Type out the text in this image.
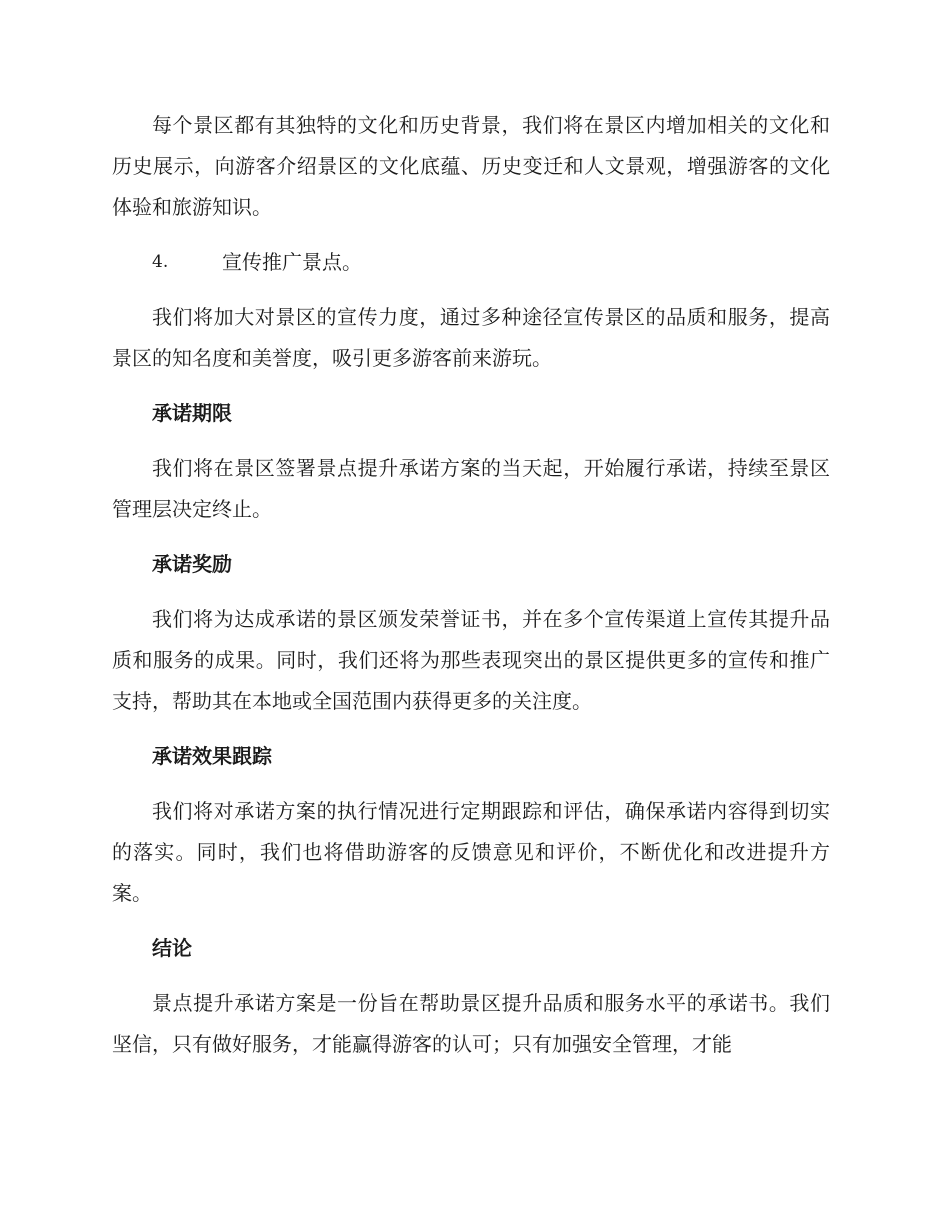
每个景区都有其独特的文化和历史背景，我们将在景区内增加相关的文化和历史展示，向游客介绍景区的文化底蕴、历史变迁和人文景观，增强游客的文化体验和旅游知识。

4.	宣传推广景点。

我们将加大对景区的宣传力度，通过多种途径宣传景区的品质和服务，提高景区的知名度和美誉度，吸引更多游客前来游玩。

承诺期限

我们将在景区签署景点提升承诺方案的当天起，开始履行承诺，持续至景区管理层决定终止。

承诺奖励

我们将为达成承诺的景区颁发荣誉证书，并在多个宣传渠道上宣传其提升品质和服务的成果。同时，我们还将为那些表现突出的景区提供更多的宣传和推广支持，帮助其在本地或全国范围内获得更多的关注度。

承诺效果跟踪

我们将对承诺方案的执行情况进行定期跟踪和评估，确保承诺内容得到切实的落实。同时，我们也将借助游客的反馈意见和评价，不断优化和改进提升方案。

结论

景点提升承诺方案是一份旨在帮助景区提升品质和服务水平的承诺书。我们坚信，只有做好服务，才能赢得游客的认可；只有加强安全管理，才能
